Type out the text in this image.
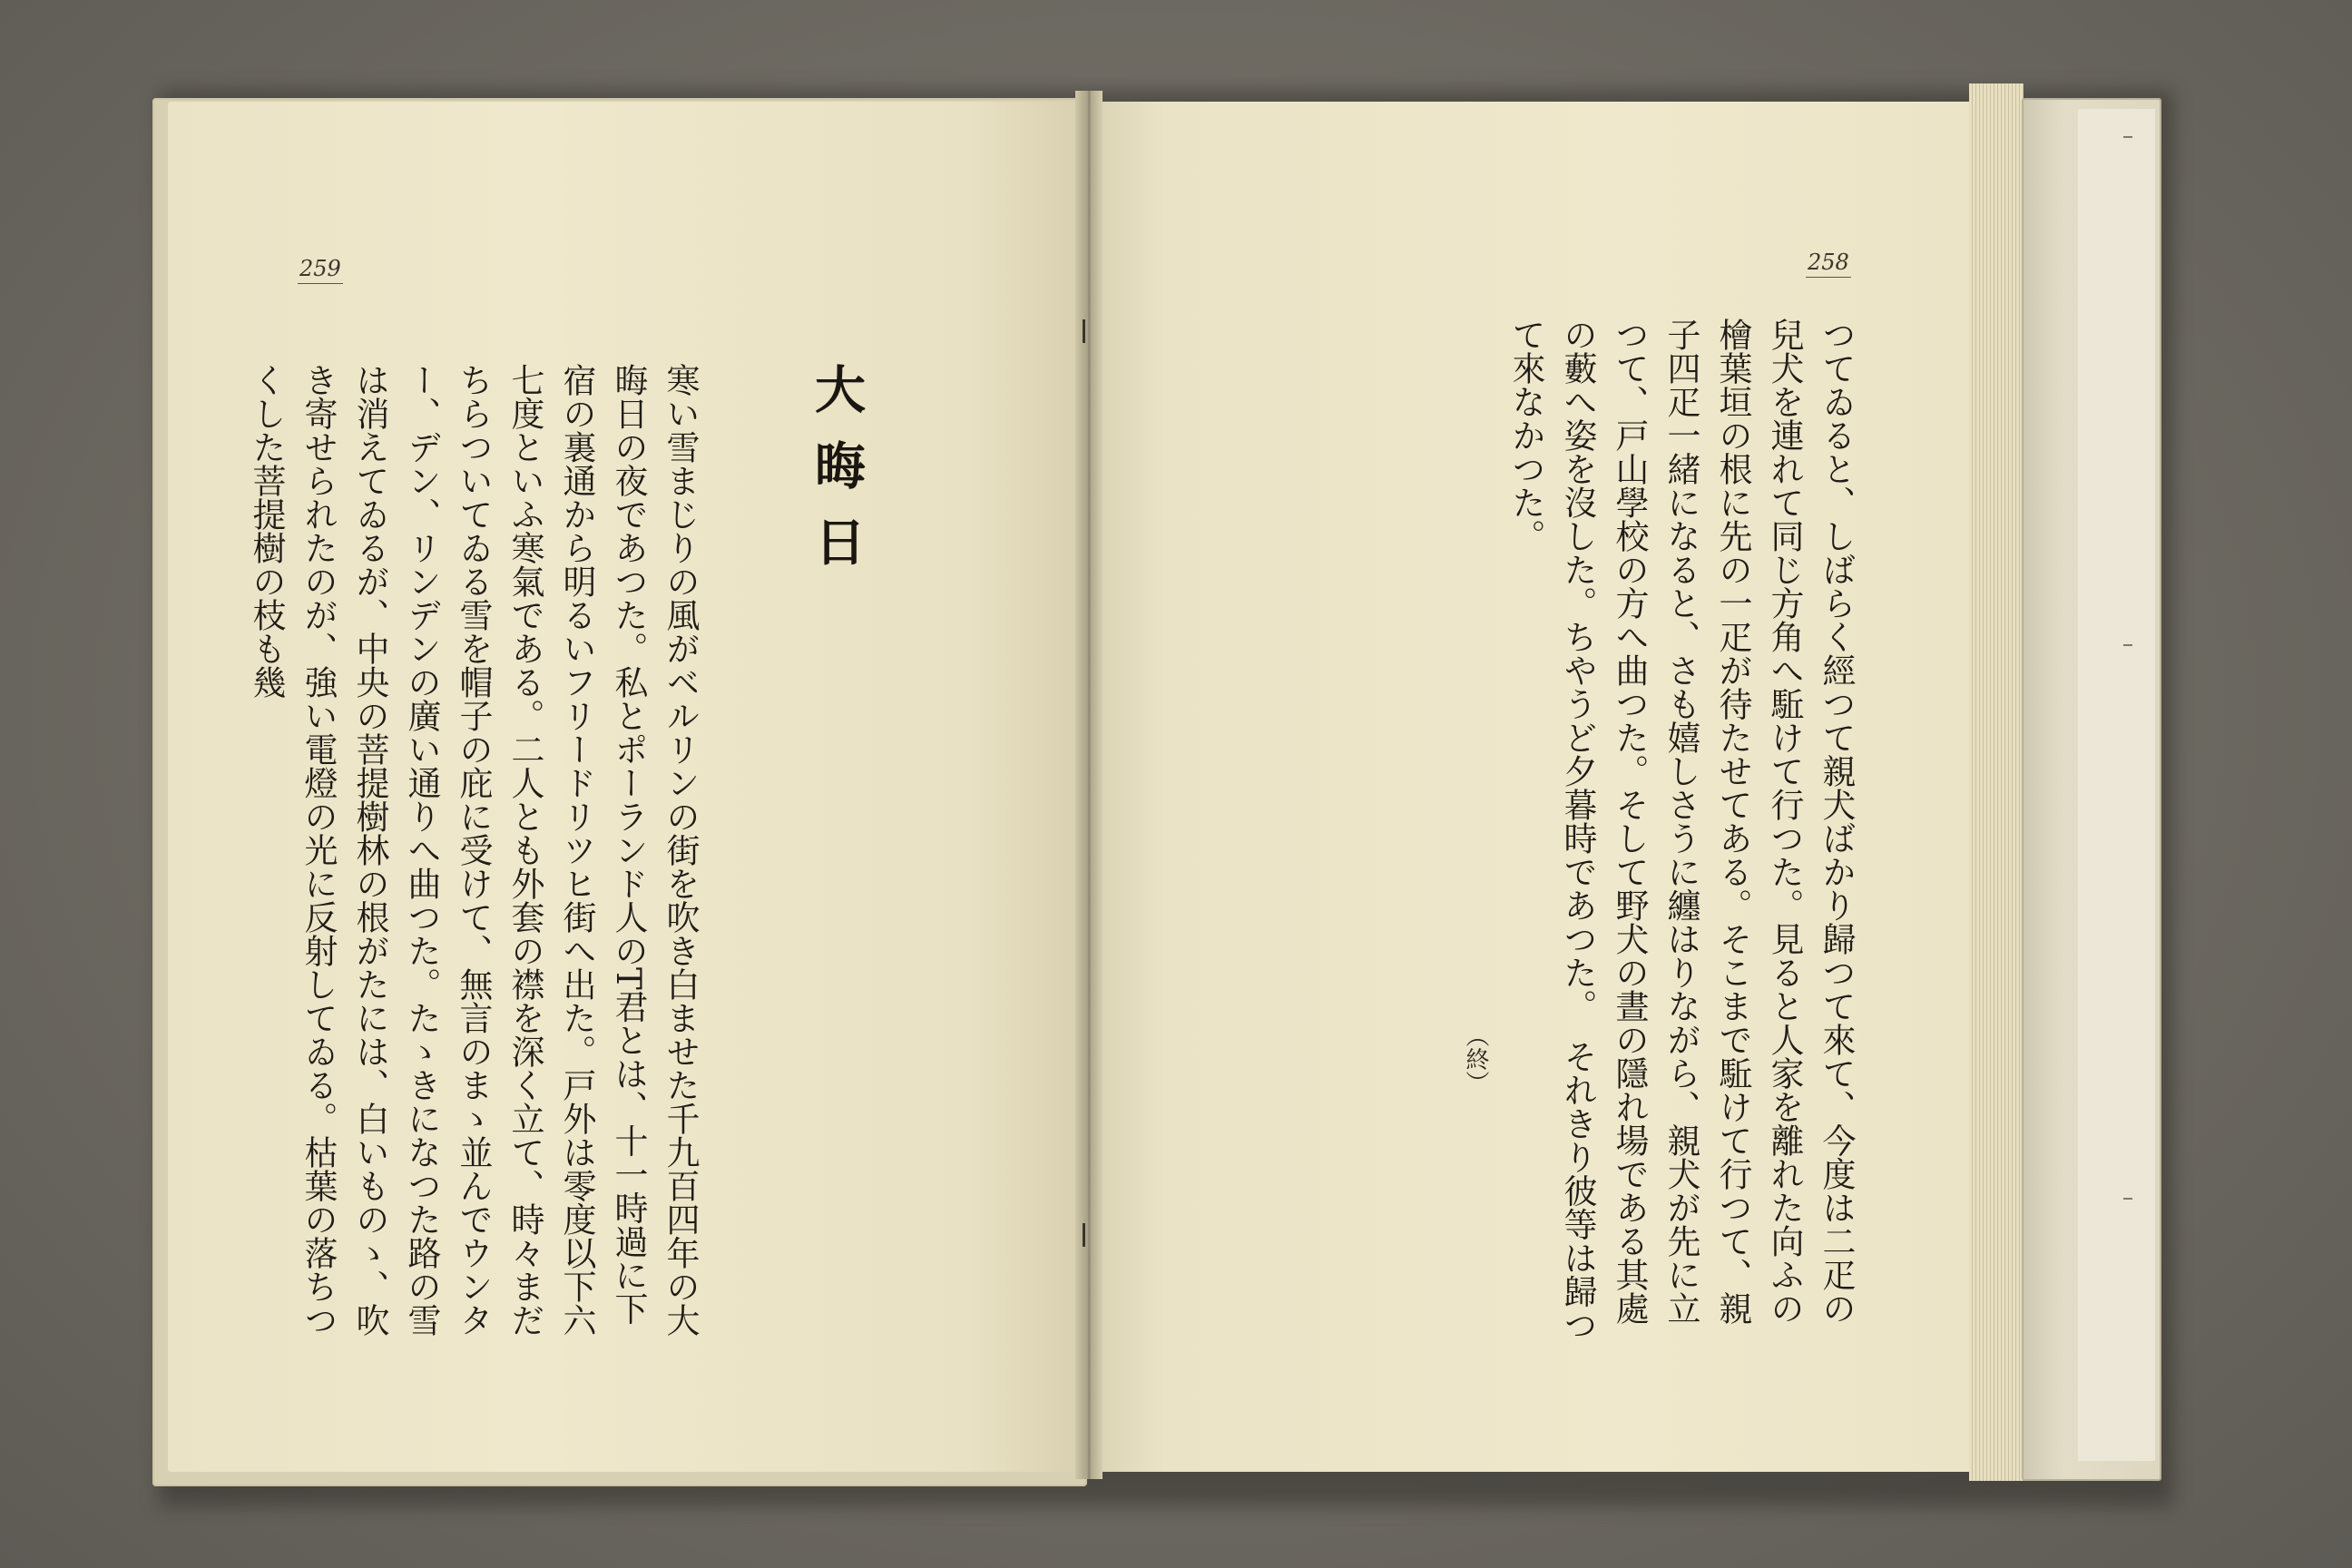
259
大晦日
寒い雪まじりの風がベルリンの街を吹き白ませた千九百四年の大晦日の夜であつた。私とポーランド人のT君とは、十一時過に下宿の裏通から明るいフリードリツヒ街へ出た。戸外は零度以下六七度といふ寒氣である。二人とも外套の襟を深く立て、時々まだちらついてゐる雪を帽子の庇に受けて、無言のまゝ並んでウンター、デン、リンデンの廣い通りへ曲つた。たゝきになつた路の雪は消えてゐるが、中央の菩提樹林の根がたには、白いものゝ、吹き寄せられたのが、強い電燈の光に反射してゐる。枯葉の落ちつくした菩提樹の枝も幾
258
つてゐると、しばらく經つて親犬ばかり歸つて來て、今度は二疋の兒犬を連れて同じ方角へ駈けて行つた。見ると人家を離れた向ふの檜葉垣の根に先の一疋が待たせてある。そこまで駈けて行つて、親子四疋一緒になると、さも嬉しさうに纏はりながら、親犬が先に立つて、戸山學校の方へ曲つた。そして野犬の晝の隱れ場である其處の藪へ姿を沒した。ちやうど夕暮時であつた。　それきり彼等は歸つて來なかつた。
（終）
